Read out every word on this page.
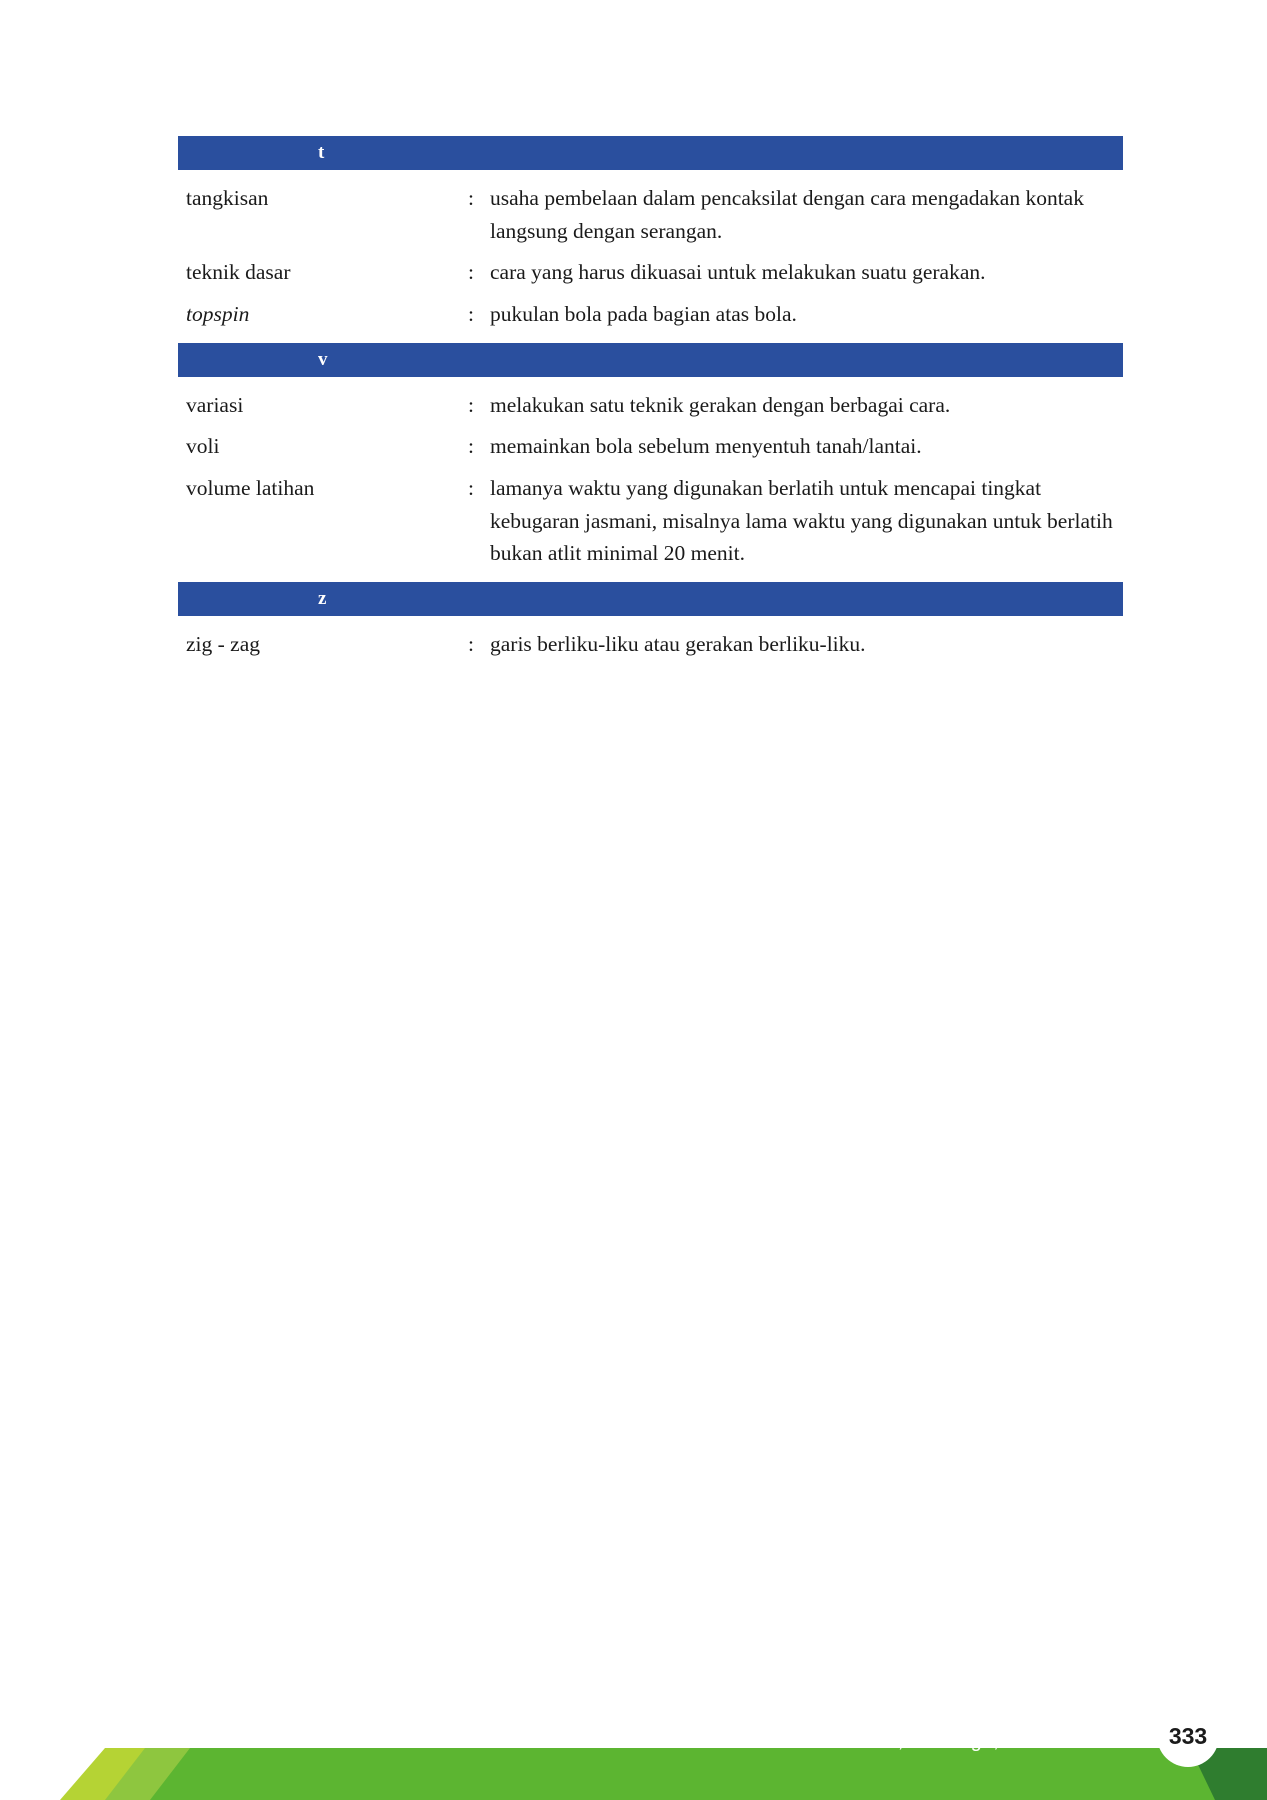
t
tangkisan	: usaha pembelaan dalam pencaksilat dengan cara mengadakan kontak langsung dengan serangan.
teknik dasar	: cara yang harus dikuasai untuk melakukan suatu gerakan.
topspin	: pukulan bola pada bagian atas bola.
v
variasi	: melakukan satu teknik gerakan dengan berbagai cara.
voli	: memainkan bola sebelum menyentuh tanah/lantai.
volume latihan	: lamanya waktu yang digunakan berlatih untuk mencapai tingkat kebugaran jasmani, misalnya lama waktu yang digunakan untuk berlatih bukan atlit minimal 20 menit.
z
zig - zag	: garis berliku-liku atau gerakan berliku-liku.
Pendidikan Jasmani, Olahraga, dan Kesehatan	333
